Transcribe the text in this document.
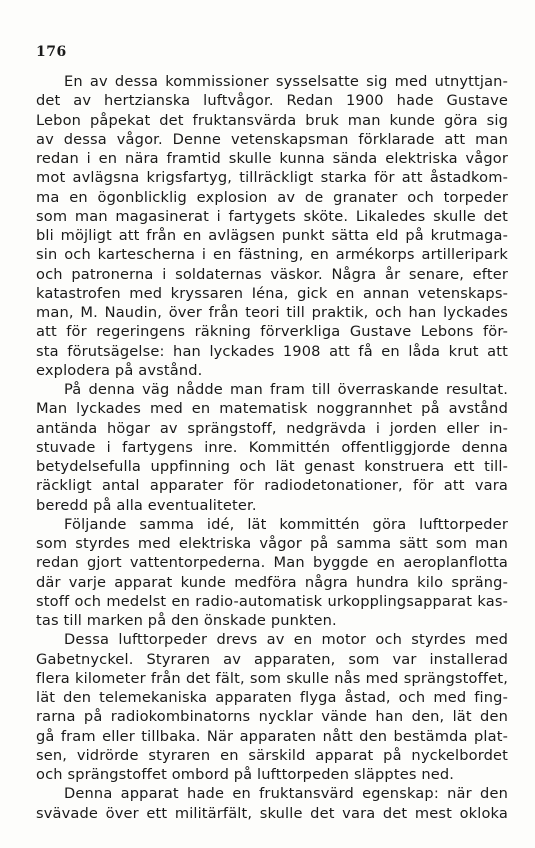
176
En av dessa kommissioner sysselsatte sig med utnyttjan-
det av hertzianska luftvågor. Redan 1900 hade Gustave
Lebon påpekat det fruktansvärda bruk man kunde göra sig
av dessa vågor. Denne vetenskapsman förklarade att man
redan i en nära framtid skulle kunna sända elektriska vågor
mot avlägsna krigsfartyg, tillräckligt starka för att åstadkom-
ma en ögonblicklig explosion av de granater och torpeder
som man magasinerat i fartygets sköte. Likaledes skulle det
bli möjligt att från en avlägsen punkt sätta eld på krutmaga-
sin och kartescherna i en fästning, en armékorps artilleripark
och patronerna i soldaternas väskor. Några år senare, efter
katastrofen med kryssaren Iéna, gick en annan vetenskaps-
man, M. Naudin, över från teori till praktik, och han lyckades
att för regeringens räkning förverkliga Gustave Lebons för-
sta förutsägelse: han lyckades 1908 att få en låda krut att
explodera på avstånd.
På denna väg nådde man fram till överraskande resultat.
Man lyckades med en matematisk noggrannhet på avstånd
antända högar av sprängstoff, nedgrävda i jorden eller in-
stuvade i fartygens inre. Kommittén offentliggjorde denna
betydelsefulla uppfinning och lät genast konstruera ett till-
räckligt antal apparater för radiodetonationer, för att vara
beredd på alla eventualiteter.
Följande samma idé, lät kommittén göra lufttorpeder
som styrdes med elektriska vågor på samma sätt som man
redan gjort vattentorpederna. Man byggde en aeroplanflotta
där varje apparat kunde medföra några hundra kilo spräng-
stoff och medelst en radio-automatisk urkopplingsapparat kas-
tas till marken på den önskade punkten.
Dessa lufttorpeder drevs av en motor och styrdes med
Gabetnyckel. Styraren av apparaten, som var installerad
flera kilometer från det fält, som skulle nås med sprängstoffet,
lät den telemekaniska apparaten flyga åstad, och med fing-
rarna på radiokombinatorns nycklar vände han den, lät den
gå fram eller tillbaka. När apparaten nått den bestämda plat-
sen, vidrörde styraren en särskild apparat på nyckelbordet
och sprängstoffet ombord på lufttorpeden släpptes ned.
Denna apparat hade en fruktansvärd egenskap: när den
svävade över ett militärfält, skulle det vara det mest okloka
